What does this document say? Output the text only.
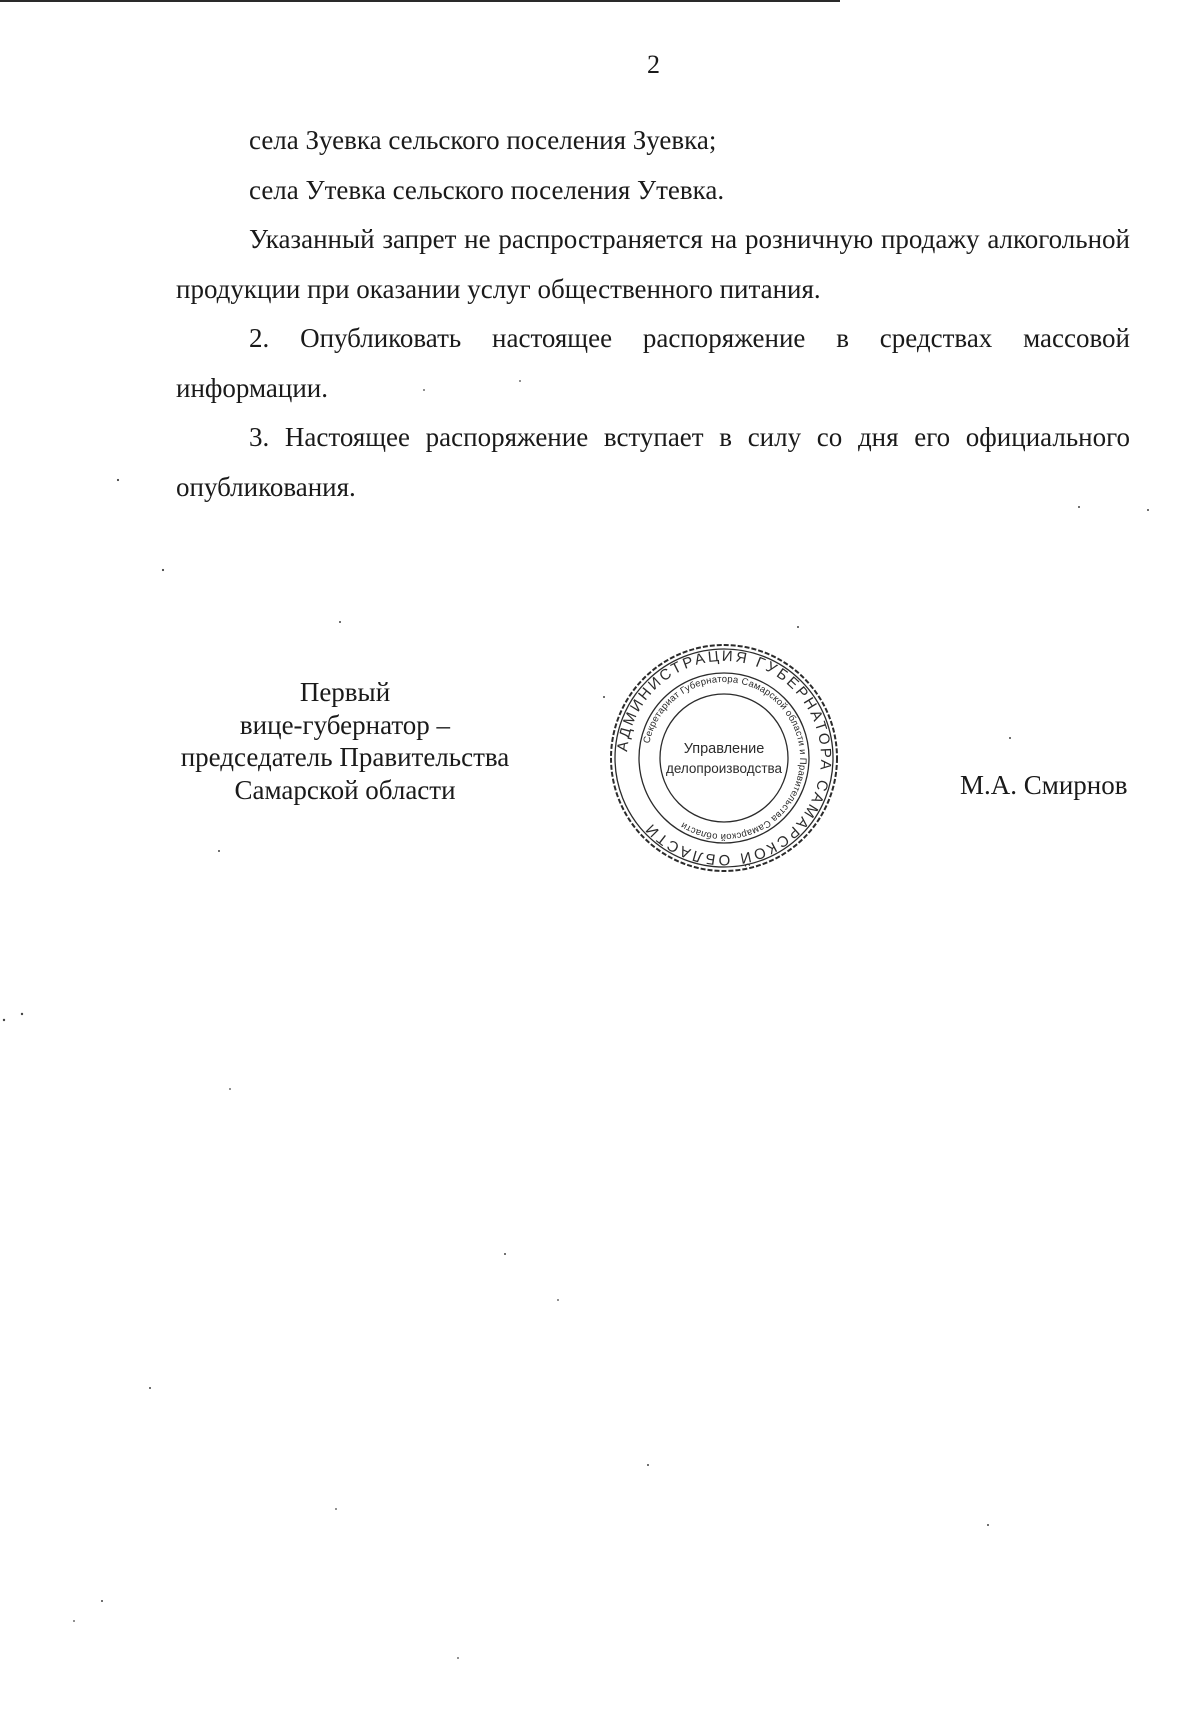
2

села Зуевка сельского поселения Зуевка;

села Утевка сельского поселения Утевка.

Указанный запрет не распространяется на розничную продажу алкогольной продукции при оказании услуг общественного питания.

2. Опубликовать настоящее распоряжение в средствах массовой информации.

3. Настоящее распоряжение вступает в силу со дня его официального опубликования.

Первый
вице-губернатор –
председатель Правительства
Самарской области
АДМИНИСТРАЦИЯ ГУБЕРНАТОРА САМАРСКОЙ ОБЛАСТИ
Секретариат Губернатора Самарской области и Правительства Самарской области
Управление
делопроизводства
М.А. Смирнов
